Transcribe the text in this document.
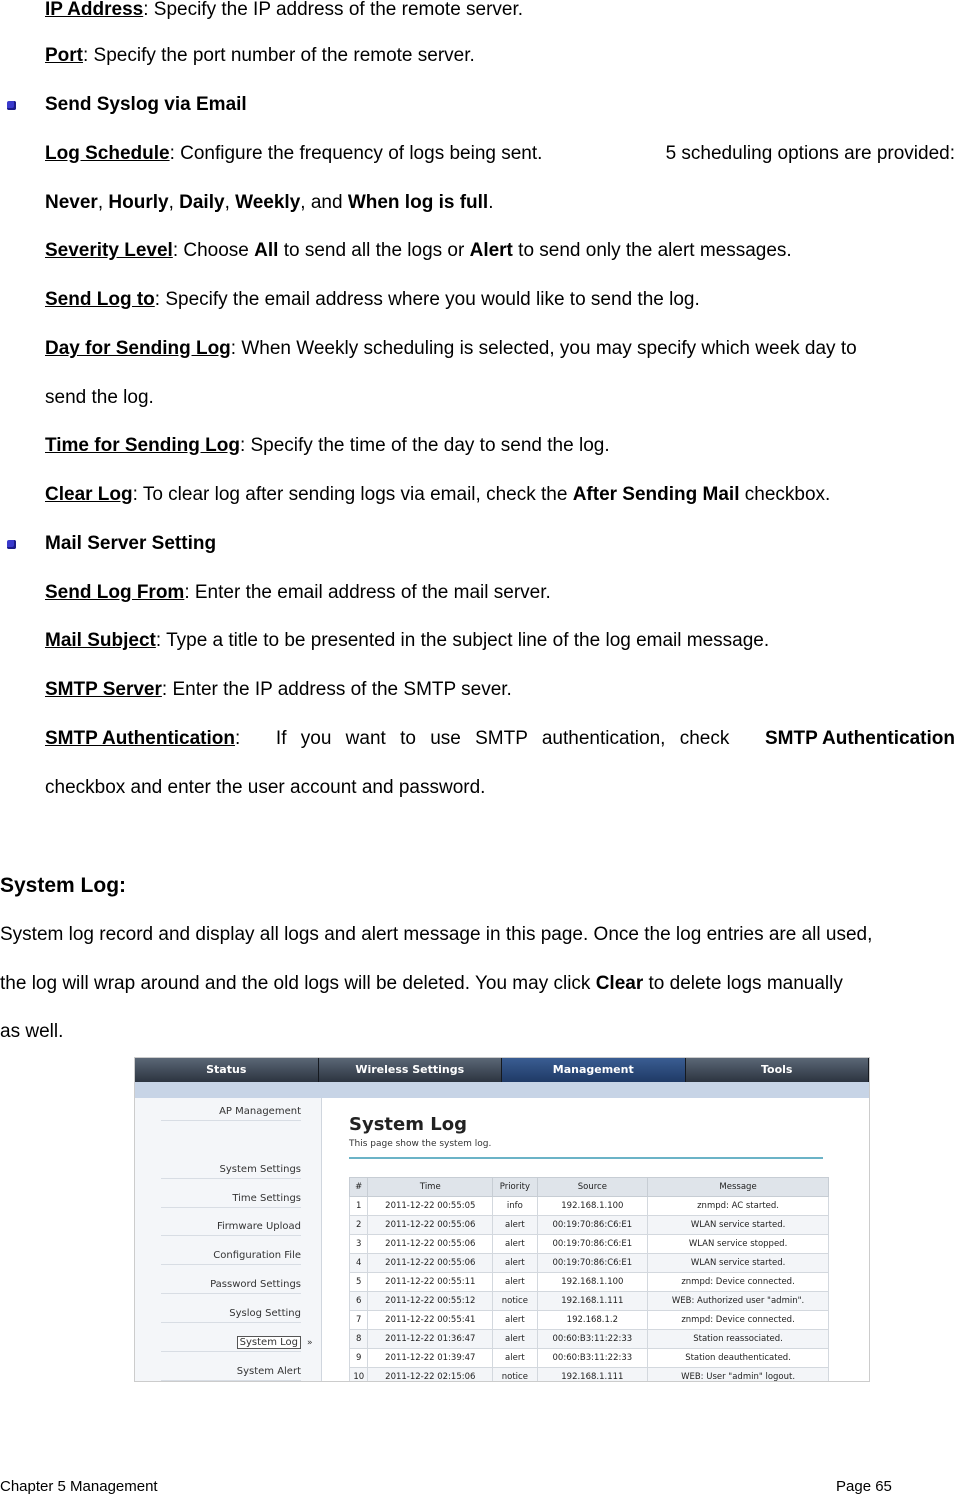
IP Address: Specify the IP address of the remote server.
Port: Specify the port number of the remote server.
Send Syslog via Email
Log Schedule: Configure the frequency of logs being sent.	5 scheduling options are provided:
Never, Hourly, Daily, Weekly, and When log is full.
Severity Level: Choose All to send all the logs or Alert to send only the alert messages.
Send Log to: Specify the email address where you would like to send the log.
Day for Sending Log: When Weekly scheduling is selected, you may specify which week day to
send the log.
Time for Sending Log: Specify the time of the day to send the log.
Clear Log: To clear log after sending logs via email, check the After Sending Mail checkbox.
Mail Server Setting
Send Log From: Enter the email address of the mail server.
Mail Subject: Type a title to be presented in the subject line of the log email message.
SMTP Server: Enter the IP address of the SMTP sever.
SMTP Authentication: If you want to use SMTP authentication, check SMTP Authentication
checkbox and enter the user account and password.
System Log:
System log record and display all logs and alert message in this page. Once the log entries are all used,
the log will wrap around and the old logs will be deleted. You may click Clear to delete logs manually
as well.
Status	Wireless Settings	Management	Tools
AP Management
System Settings
Time Settings
Firmware Upload
Configuration File
Password Settings
Syslog Setting
System Log	»
System Alert
System Log
This page show the system log.
#	Time	Priority	Source	Message
1	2011-12-22 00:55:05	info	192.168.1.100	znmpd: AC started.
2	2011-12-22 00:55:06	alert	00:19:70:86:C6:E1	WLAN service started.
3	2011-12-22 00:55:06	alert	00:19:70:86:C6:E1	WLAN service stopped.
4	2011-12-22 00:55:06	alert	00:19:70:86:C6:E1	WLAN service started.
5	2011-12-22 00:55:11	alert	192.168.1.100	znmpd: Device connected.
6	2011-12-22 00:55:12	notice	192.168.1.111	WEB: Authorized user "admin".
7	2011-12-22 00:55:41	alert	192.168.1.2	znmpd: Device connected.
8	2011-12-22 01:36:47	alert	00:60:B3:11:22:33	Station reassociated.
9	2011-12-22 01:39:47	alert	00:60:B3:11:22:33	Station deauthenticated.
10	2011-12-22 02:15:06	notice	192.168.1.111	WEB: User "admin" logout.
Chapter 5 Management	Page 65
